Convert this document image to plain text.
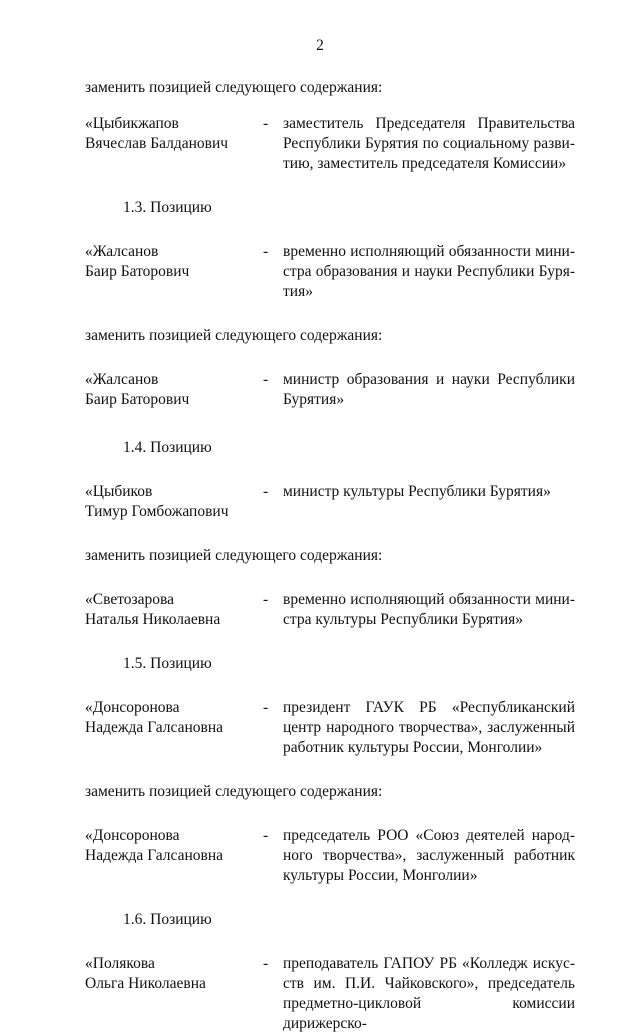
2

заменить позицией следующего содержания:

«Цыбикжапов
Вячеслав Балданович
- заместитель Председателя Правительства
Республики Бурятия по социальному разви-
тию, заместитель председателя Комиссии»

1.3. Позицию

«Жалсанов
Баир Баторович
- временно исполняющий обязанности мини-
стра образования и науки Республики Буря-
тия»

заменить позицией следующего содержания:

«Жалсанов
Баир Баторович
- министр образования и науки Республики
Бурятия»

1.4. Позицию

«Цыбиков
Тимур Гомбожапович
- министр культуры Республики Бурятия»

заменить позицией следующего содержания:

«Светозарова
Наталья Николаевна
- временно исполняющий обязанности мини-
стра культуры Республики Бурятия»

1.5. Позицию

«Донсоронова
Надежда Галсановна
- президент ГАУК РБ «Республиканский
центр народного творчества», заслуженный
работник культуры России, Монголии»

заменить позицией следующего содержания:

«Донсоронова
Надежда Галсановна
- председатель РОО «Союз деятелей народ-
ного творчества», заслуженный работник
культуры России, Монголии»

1.6. Позицию

«Полякова
Ольга Николаевна
- преподаватель ГАПОУ РБ «Колледж искус-
ств им. П.И. Чайковского», председатель
предметно-цикловой комиссии дирижерско-
